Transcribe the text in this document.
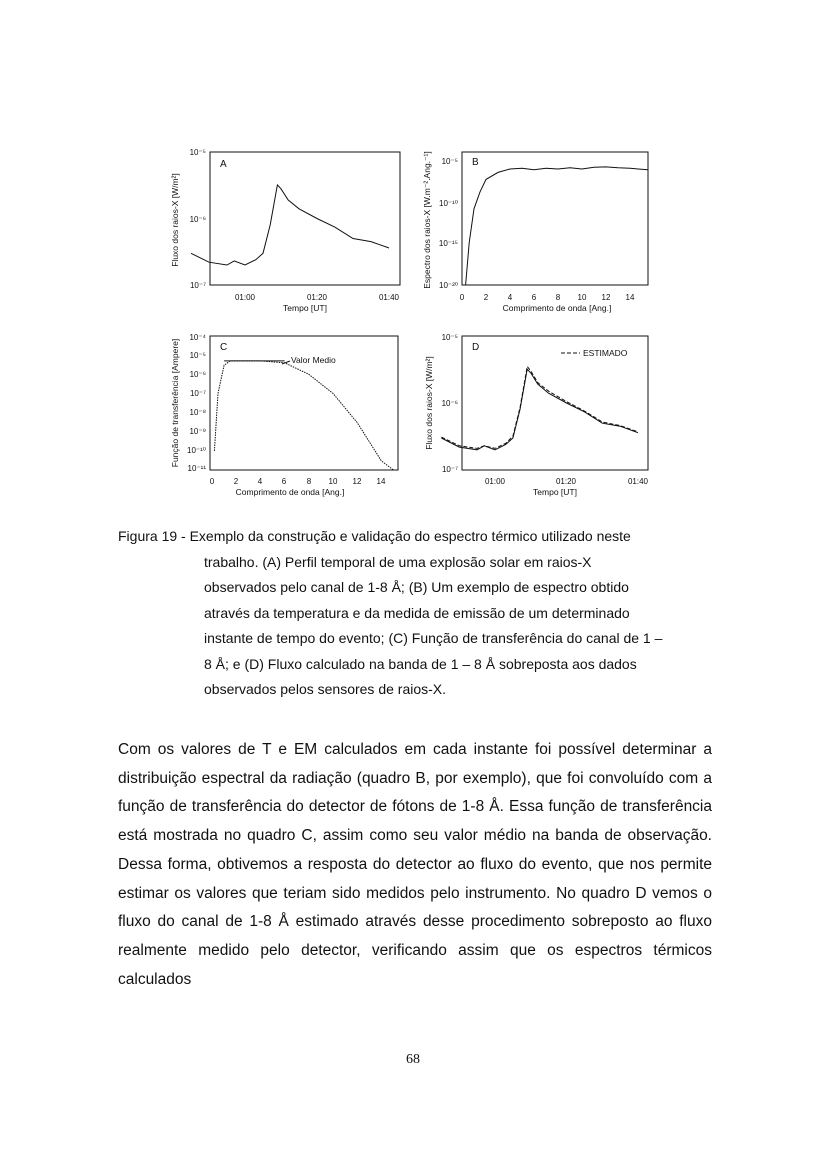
A
10⁻⁵
10⁻⁶
10⁻⁷
01:00	01:20	01:40
Tempo [UT]
Fluxo dos raios-X [W/m²]
B
10⁻⁵
10⁻¹⁰
10⁻¹⁵
10⁻²⁰
0 2 4 6 8 10 12 14
Comprimento de onda [Ang.]
Espectro dos raios-X [W.m⁻².Ang.⁻¹]
C
10⁻⁴
10⁻⁵
10⁻⁶
10⁻⁷
10⁻⁸
10⁻⁹
10⁻¹⁰
10⁻¹¹
0 2 4 6	8 10 12 14
Comprimento de onda [Ang.]
Função de transferência [Ampere]	Valor Medio
D
10⁻⁵
10⁻⁶
10⁻⁷
01:00	01:20	01:40
Tempo [UT]
Fluxo dos raios-X [W/m²]
ESTIMADO
Figura 19 - Exemplo da construção e validação do espectro térmico utilizado neste
trabalho. (A) Perfil temporal de uma explosão solar em raios-X
observados pelo canal de 1-8 Å; (B) Um exemplo de espectro obtido
através da temperatura e da medida de emissão de um determinado
instante de tempo do evento; (C) Função de transferência do canal de 1 –
8 Å; e (D) Fluxo calculado na banda de 1 – 8 Å sobreposta aos dados
observados pelos sensores de raios-X.

Com os valores de T e EM calculados em cada instante foi possível determinar a distribuição espectral da radiação (quadro B, por exemplo), que foi convoluído com a função de transferência do detector de fótons de 1-8 Å. Essa função de transferência está mostrada no quadro C, assim como seu valor médio na banda de observação. Dessa forma, obtivemos a resposta do detector ao fluxo do evento, que nos permite estimar os valores que teriam sido medidos pelo instrumento. No quadro D vemos o fluxo do canal de 1-8 Å estimado através desse procedimento sobreposto ao fluxo realmente medido pelo detector, verificando assim que os espectros térmicos calculados

68
